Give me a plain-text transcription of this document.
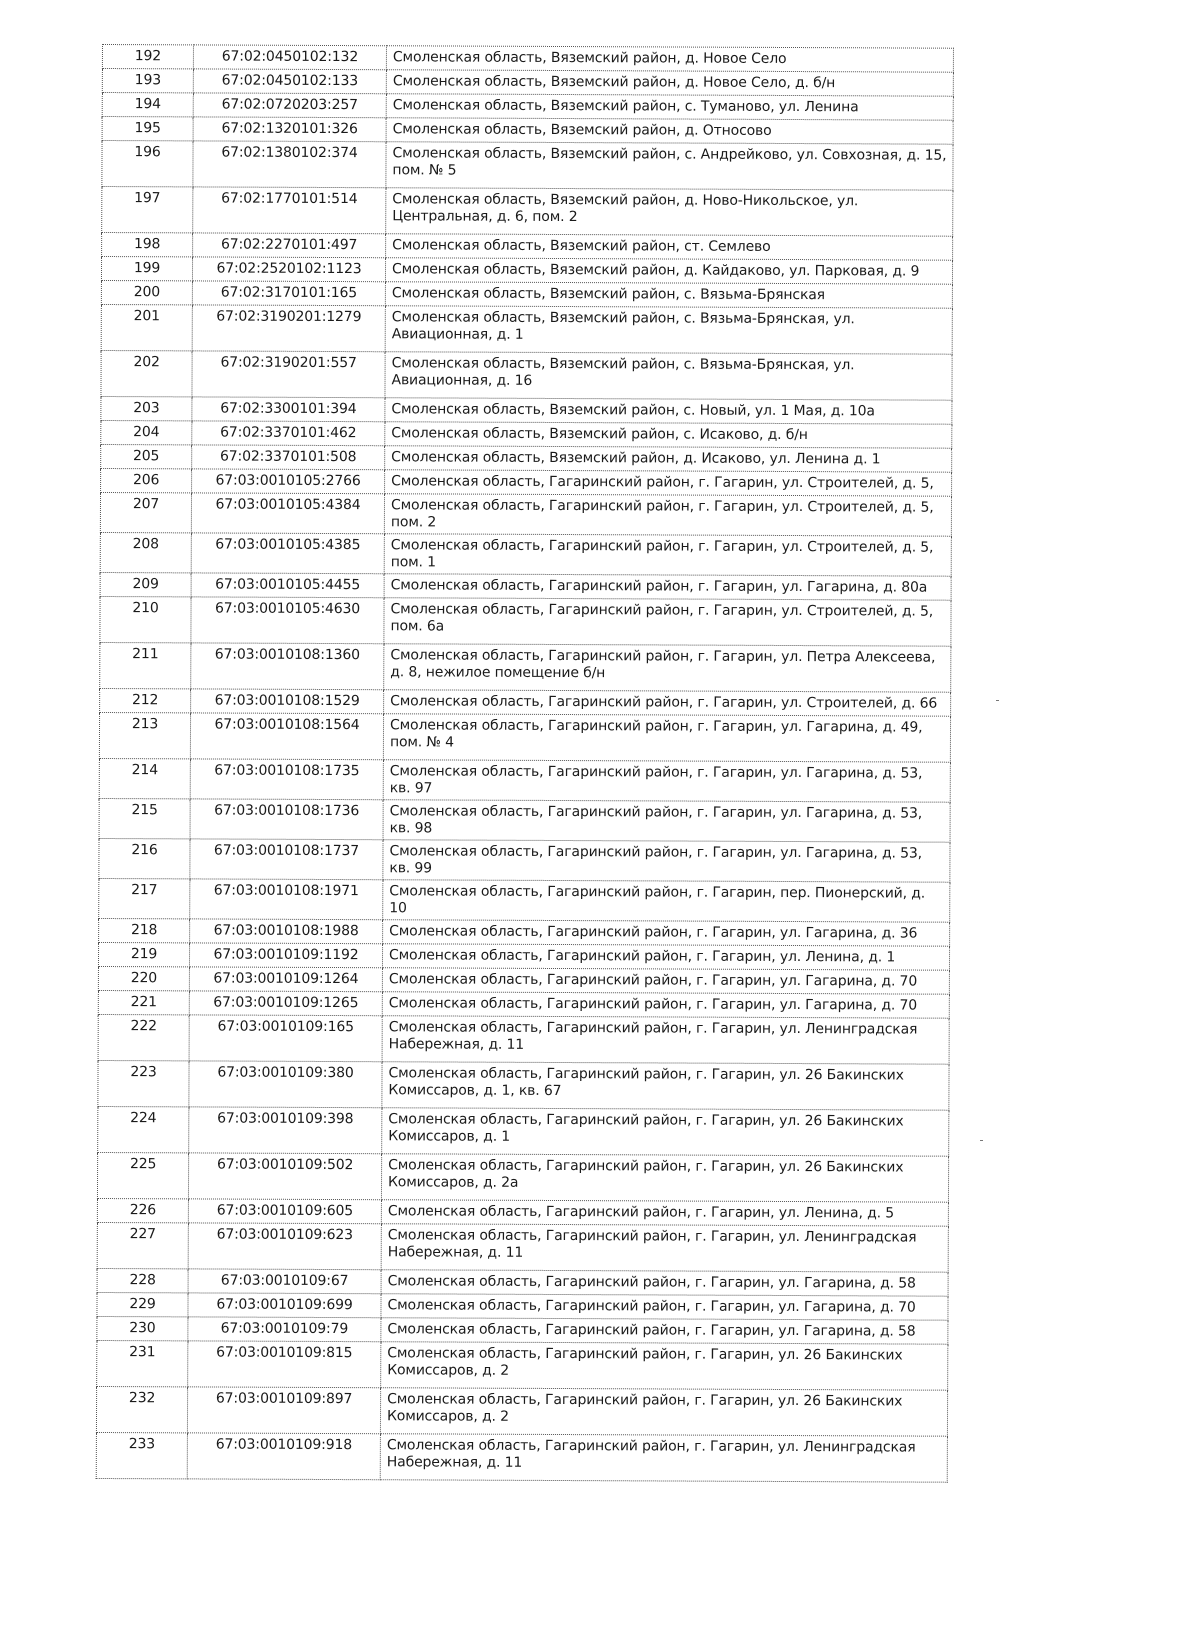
192	67:02:0450102:132	Смоленская область, Вяземский район, д. Новое Село
193	67:02:0450102:133	Смоленская область, Вяземский район, д. Новое Село, д. б/н
194	67:02:0720203:257	Смоленская область, Вяземский район, с. Туманово, ул. Ленина
195	67:02:1320101:326	Смоленская область, Вяземский район, д. Относово
196	67:02:1380102:374	Смоленская область, Вяземский район, с. Андрейково, ул. Совхозная, д. 15, пом. № 5
197	67:02:1770101:514	Смоленская область, Вяземский район, д. Ново-Никольское, ул. Центральная, д. 6, пом. 2
198	67:02:2270101:497	Смоленская область, Вяземский район, ст. Семлево
199	67:02:2520102:1123	Смоленская область, Вяземский район, д. Кайдаково, ул. Парковая, д. 9
200	67:02:3170101:165	Смоленская область, Вяземский район, с. Вязьма-Брянская
201	67:02:3190201:1279	Смоленская область, Вяземский район, с. Вязьма-Брянская, ул. Авиационная, д. 1
202	67:02:3190201:557	Смоленская область, Вяземский район, с. Вязьма-Брянская, ул. Авиационная, д. 16
203	67:02:3300101:394	Смоленская область, Вяземский район, с. Новый, ул. 1 Мая, д. 10а
204	67:02:3370101:462	Смоленская область, Вяземский район, с. Исаково, д. б/н
205	67:02:3370101:508	Смоленская область, Вяземский район, д. Исаково, ул. Ленина д. 1
206	67:03:0010105:2766	Смоленская область, Гагаринский район, г. Гагарин, ул. Строителей, д. 5,
207	67:03:0010105:4384	Смоленская область, Гагаринский район, г. Гагарин, ул. Строителей, д. 5, пом. 2
208	67:03:0010105:4385	Смоленская область, Гагаринский район, г. Гагарин, ул. Строителей, д. 5, пом. 1
209	67:03:0010105:4455	Смоленская область, Гагаринский район, г. Гагарин, ул. Гагарина, д. 80а
210	67:03:0010105:4630	Смоленская область, Гагаринский район, г. Гагарин, ул. Строителей, д. 5, пом. 6а
211	67:03:0010108:1360	Смоленская область, Гагаринский район, г. Гагарин, ул. Петра Алексеева, д. 8, нежилое помещение б/н
212	67:03:0010108:1529	Смоленская область, Гагаринский район, г. Гагарин, ул. Строителей, д. 66
213	67:03:0010108:1564	Смоленская область, Гагаринский район, г. Гагарин, ул. Гагарина, д. 49, пом. № 4
214	67:03:0010108:1735	Смоленская область, Гагаринский район, г. Гагарин, ул. Гагарина, д. 53, кв. 97
215	67:03:0010108:1736	Смоленская область, Гагаринский район, г. Гагарин, ул. Гагарина, д. 53, кв. 98
216	67:03:0010108:1737	Смоленская область, Гагаринский район, г. Гагарин, ул. Гагарина, д. 53, кв. 99
217	67:03:0010108:1971	Смоленская область, Гагаринский район, г. Гагарин, пер. Пионерский, д. 10
218	67:03:0010108:1988	Смоленская область, Гагаринский район, г. Гагарин, ул. Гагарина, д. 36
219	67:03:0010109:1192	Смоленская область, Гагаринский район, г. Гагарин, ул. Ленина, д. 1
220	67:03:0010109:1264	Смоленская область, Гагаринский район, г. Гагарин, ул. Гагарина, д. 70
221	67:03:0010109:1265	Смоленская область, Гагаринский район, г. Гагарин, ул. Гагарина, д. 70
222	67:03:0010109:165	Смоленская область, Гагаринский район, г. Гагарин, ул. Ленинградская Набережная, д. 11
223	67:03:0010109:380	Смоленская область, Гагаринский район, г. Гагарин, ул. 26 Бакинских Комиссаров, д. 1, кв. 67
224	67:03:0010109:398	Смоленская область, Гагаринский район, г. Гагарин, ул. 26 Бакинских Комиссаров, д. 1
225	67:03:0010109:502	Смоленская область, Гагаринский район, г. Гагарин, ул. 26 Бакинских Комиссаров, д. 2а
226	67:03:0010109:605	Смоленская область, Гагаринский район, г. Гагарин, ул. Ленина, д. 5
227	67:03:0010109:623	Смоленская область, Гагаринский район, г. Гагарин, ул. Ленинградская Набережная, д. 11
228	67:03:0010109:67	Смоленская область, Гагаринский район, г. Гагарин, ул. Гагарина, д. 58
229	67:03:0010109:699	Смоленская область, Гагаринский район, г. Гагарин, ул. Гагарина, д. 70
230	67:03:0010109:79	Смоленская область, Гагаринский район, г. Гагарин, ул. Гагарина, д. 58
231	67:03:0010109:815	Смоленская область, Гагаринский район, г. Гагарин, ул. 26 Бакинских Комиссаров, д. 2
232	67:03:0010109:897	Смоленская область, Гагаринский район, г. Гагарин, ул. 26 Бакинских Комиссаров, д. 2
233	67:03:0010109:918	Смоленская область, Гагаринский район, г. Гагарин, ул. Ленинградская Набережная, д. 11
